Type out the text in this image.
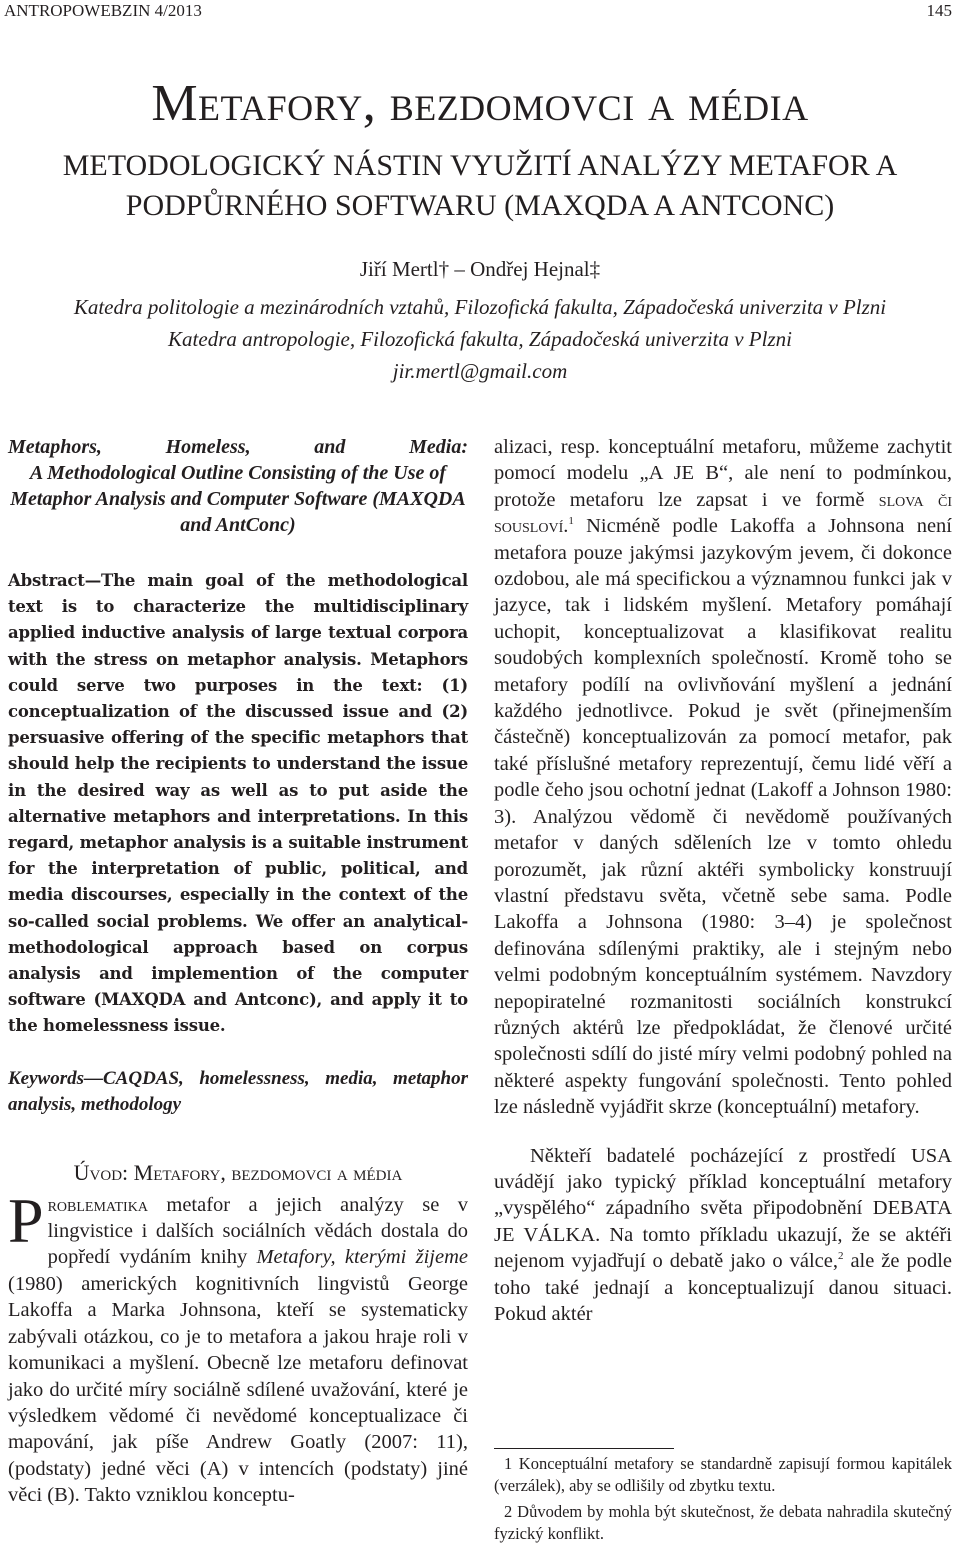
ANTROPOWEBZIN 4/2013	145
Metafory, bezdomovci a média
METODOLOGICKÝ NÁSTIN VYUŽITÍ ANALÝZY METAFOR A PODPŮRNÉHO SOFTWARU (MAXQDA A ANTCONC)
Jiří Mertl† – Ondřej Hejnal‡
Katedra politologie a mezinárodních vztahů, Filozofická fakulta, Západočeská univerzita v Plzni
Katedra antropologie, Filozofická fakulta, Západočeská univerzita v Plzni
jir.mertl@gmail.com
Metaphors, Homeless, and Media:
A Methodological Outline Consisting of the Use of Metaphor Analysis and Computer Software (MAXQDA and AntConc)
Abstract—The main goal of the methodological text is to characterize the multidisciplinary applied inductive analysis of large textual corpora with the stress on metaphor analysis. Metaphors could serve two purposes in the text: (1) conceptualization of the discussed issue and (2) persuasive offering of the specific metaphors that should help the recipients to understand the issue in the desired way as well as to put aside the alternative metaphors and interpretations. In this regard, metaphor analysis is a suitable instrument for the interpretation of public, political, and media discourses, especially in the context of the so-called social problems. We offer an analytical-methodological approach based on corpus analysis and implemention of the computer software (MAXQDA and Antconc), and apply it to the homelessness issue.
Keywords—CAQDAS, homelessness, media, metaphor analysis, methodology
Úvod: Metafory, bezdomovci a média

Problematika metafor a jejich analýzy se v lingvistice i dalších sociálních vědách dostala do popředí vydáním knihy Metafory, kterými žijeme (1980) amerických kognitivních lingvistů George Lakoffa a Marka Johnsona, kteří se systematicky zabývali otázkou, co je to metafora a jakou hraje roli v komunikaci a myšlení. Obecně lze metaforu definovat jako do určité míry sociálně sdílené uvažování, které je výsledkem vědomé či nevědomé konceptualizace či mapování, jak píše Andrew Goatly (2007: 11), (podstaty) jedné věci (A) v intencích (podstaty) jiné věci (B). Takto vzniklou konceptu-

alizaci, resp. konceptuální metaforu, můžeme zachytit pomocí modelu „A JE B“, ale není to podmínkou, protože metaforu lze zapsat i ve formě slova či sousloví.$^1$ Nicméně podle Lakoffa a Johnsona není metafora pouze jakýmsi jazykovým jevem, či dokonce ozdobou, ale má specifickou a významnou funkci jak v jazyce, tak i lidském myšlení. Metafory pomáhají uchopit, konceptualizovat a klasifikovat realitu soudobých komplexních společností. Kromě toho se metafory podílí na ovlivňování myšlení a jednání každého jednotlivce. Pokud je svět (přinejmenším částečně) konceptualizován za pomocí metafor, pak také příslušné metafory reprezentují, čemu lidé věří a podle čeho jsou ochotní jednat (Lakoff a Johnson 1980: 3). Analýzou vědomě či nevědomě používaných metafor v daných sděleních lze v tomto ohledu porozumět, jak různí aktéři symbolicky konstruují vlastní představu světa, včetně sebe sama. Podle Lakoffa a Johnsona (1980: 3–4) je společnost definována sdílenými praktiky, ale i stejným nebo velmi podobným konceptuálním systémem. Navzdory nepopiratelné rozmanitosti sociálních konstrukcí různých aktérů lze předpokládat, že členové určité společnosti sdílí do jisté míry velmi podobný pohled na některé aspekty fungování společnosti. Tento pohled lze následně vyjádřit skrze (konceptuální) metafory.

Někteří badatelé pocházející z prostředí USA uvádějí jako typický příklad konceptuální metafory „vyspělého“ západního světa připodobnění DEBATA JE VÁLKA. Na tomto příkladu ukazují, že se aktéři nejenom vyjadřují o debatě jako o válce,$^2$ ale že podle toho také jednají a konceptualizují danou situaci. Pokud aktér

1 Konceptuální metafory se standardně zapisují formou kapitálek (verzálek), aby se odlišily od zbytku textu.

2 Důvodem by mohla být skutečnost, že debata nahradila skutečný fyzický konflikt.
